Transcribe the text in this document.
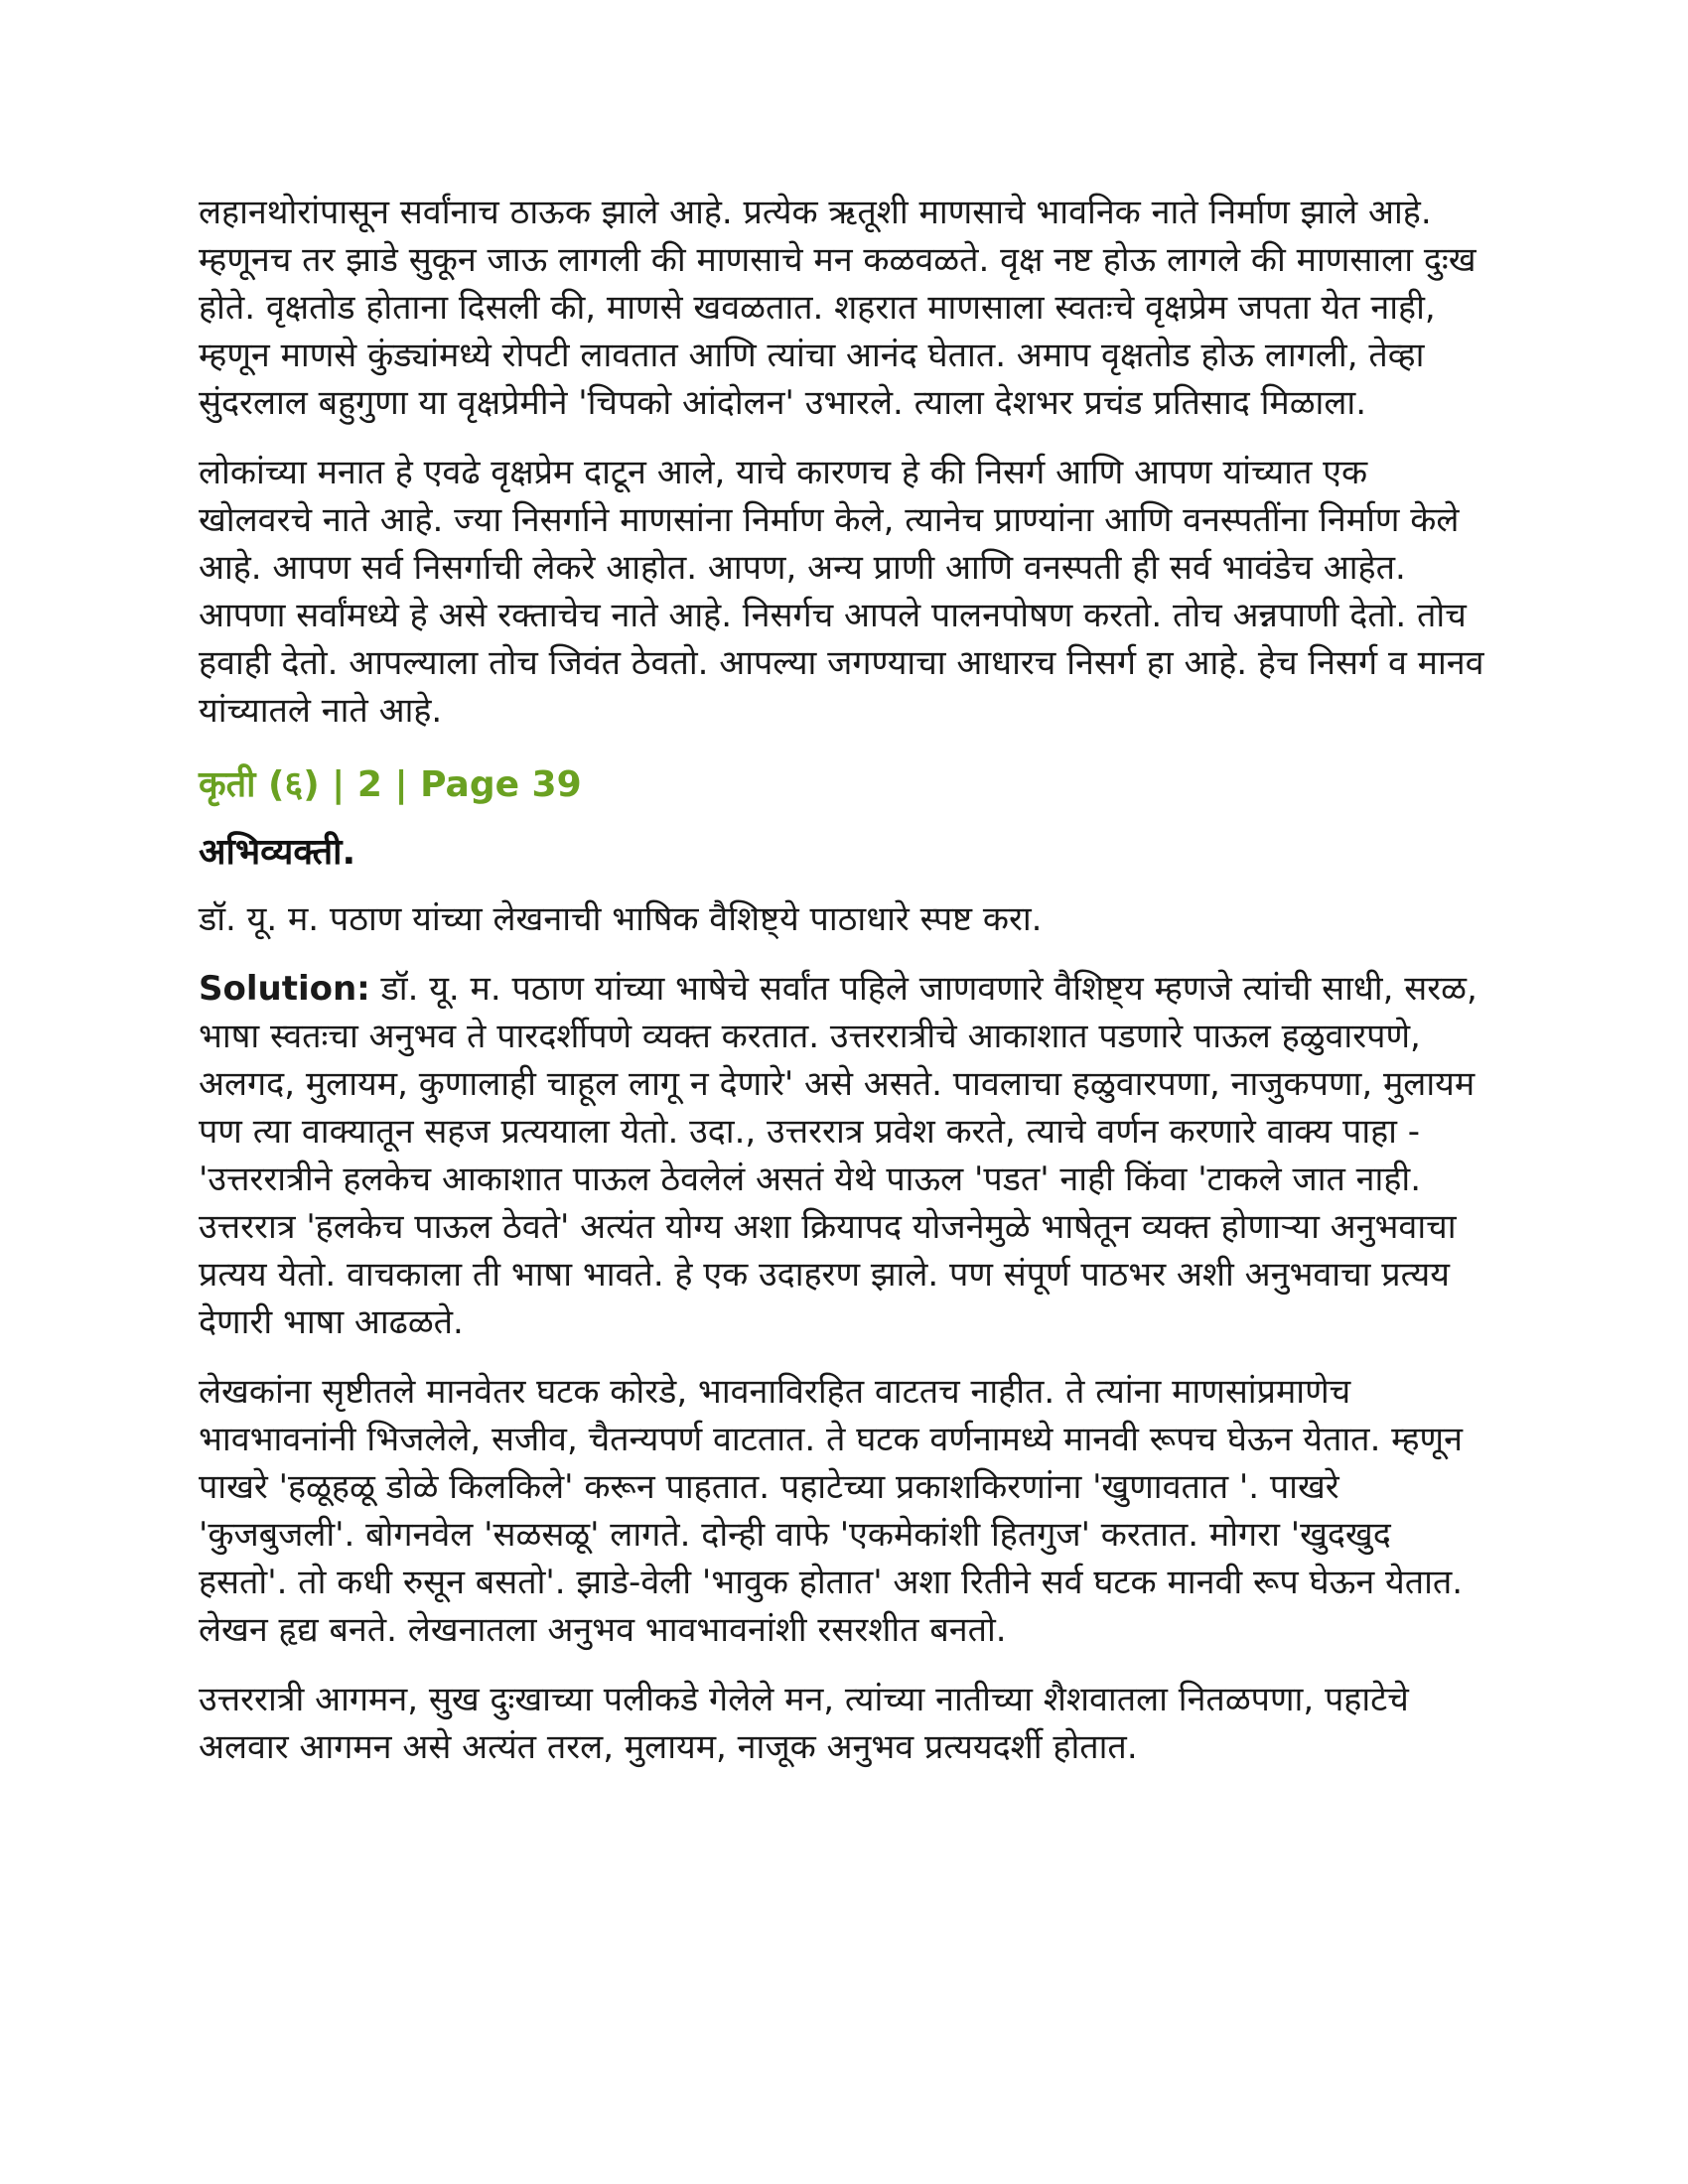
लहानथोरांपासून सर्वांनाच ठाऊक झाले आहे. प्रत्येक ऋतूशी माणसाचे भावनिक नाते निर्माण झाले आहे. म्हणूनच तर झाडे सुकून जाऊ लागली की माणसाचे मन कळवळते. वृक्ष नष्ट होऊ लागले की माणसाला दुःख होते. वृक्षतोड होताना दिसली की, माणसे खवळतात. शहरात माणसाला स्वतःचे वृक्षप्रेम जपता येत नाही, म्हणून माणसे कुंड्यांमध्ये रोपटी लावतात आणि त्यांचा आनंद घेतात. अमाप वृक्षतोड होऊ लागली, तेव्हा सुंदरलाल बहुगुणा या वृक्षप्रेमीने 'चिपको आंदोलन' उभारले. त्याला देशभर प्रचंड प्रतिसाद मिळाला.

लोकांच्या मनात हे एवढे वृक्षप्रेम दाटून आले, याचे कारणच हे की निसर्ग आणि आपण यांच्यात एक खोलवरचे नाते आहे. ज्या निसर्गाने माणसांना निर्माण केले, त्यानेच प्राण्यांना आणि वनस्पतींना निर्माण केले आहे. आपण सर्व निसर्गाची लेकरे आहोत. आपण, अन्य प्राणी आणि वनस्पती ही सर्व भावंडेच आहेत. आपणा सर्वांमध्ये हे असे रक्ताचेच नाते आहे. निसर्गच आपले पालनपोषण करतो. तोच अन्नपाणी देतो. तोच हवाही देतो. आपल्याला तोच जिवंत ठेवतो. आपल्या जगण्याचा आधारच निसर्ग हा आहे. हेच निसर्ग व मानव यांच्यातले नाते आहे.

कृती (६) | 2 | Page 39
अभिव्यक्ती.

डॉ. यू. म. पठाण यांच्या लेखनाची भाषिक वैशिष्ट्ये पाठाधारे स्पष्ट करा.

Solution: डॉ. यू. म. पठाण यांच्या भाषेचे सर्वांत पहिले जाणवणारे वैशिष्ट्य म्हणजे त्यांची साधी, सरळ, भाषा स्वतःचा अनुभव ते पारदर्शीपणे व्यक्त करतात. उत्तररात्रीचे आकाशात पडणारे पाऊल हळुवारपणे, अलगद, मुलायम, कुणालाही चाहूल लागू न देणारे' असे असते. पावलाचा हळुवारपणा, नाजुकपणा, मुलायम पण त्या वाक्यातून सहज प्रत्ययाला येतो. उदा., उत्तररात्र प्रवेश करते, त्याचे वर्णन करणारे वाक्य पाहा - 'उत्तररात्रीने हलकेच आकाशात पाऊल ठेवलेलं असतं येथे पाऊल 'पडत' नाही किंवा 'टाकले जात नाही. उत्तररात्र 'हलकेच पाऊल ठेवते' अत्यंत योग्य अशा क्रियापद योजनेमुळे भाषेतून व्यक्त होणाऱ्या अनुभवाचा प्रत्यय येतो. वाचकाला ती भाषा भावते. हे एक उदाहरण झाले. पण संपूर्ण पाठभर अशी अनुभवाचा प्रत्यय देणारी भाषा आढळते.

लेखकांना सृष्टीतले मानवेतर घटक कोरडे, भावनाविरहित वाटतच नाहीत. ते त्यांना माणसांप्रमाणेच भावभावनांनी भिजलेले, सजीव, चैतन्यपर्ण वाटतात. ते घटक वर्णनामध्ये मानवी रूपच घेऊन येतात. म्हणून पाखरे 'हळूहळू डोळे किलकिले' करून पाहतात. पहाटेच्या प्रकाशकिरणांना 'खुणावतात '. पाखरे 'कुजबुजली'. बोगनवेल 'सळसळू' लागते. दोन्ही वाफे 'एकमेकांशी हितगुज' करतात. मोगरा 'खुदखुद हसतो'. तो कधी रुसून बसतो'. झाडे-वेली 'भावुक होतात' अशा रितीने सर्व घटक मानवी रूप घेऊन येतात. लेखन हृद्य बनते. लेखनातला अनुभव भावभावनांशी रसरशीत बनतो.

उत्तररात्री आगमन, सुख दुःखाच्या पलीकडे गेलेले मन, त्यांच्या नातीच्या शैशवातला नितळपणा, पहाटेचे अलवार आगमन असे अत्यंत तरल, मुलायम, नाजूक अनुभव प्रत्ययदर्शी होतात.
